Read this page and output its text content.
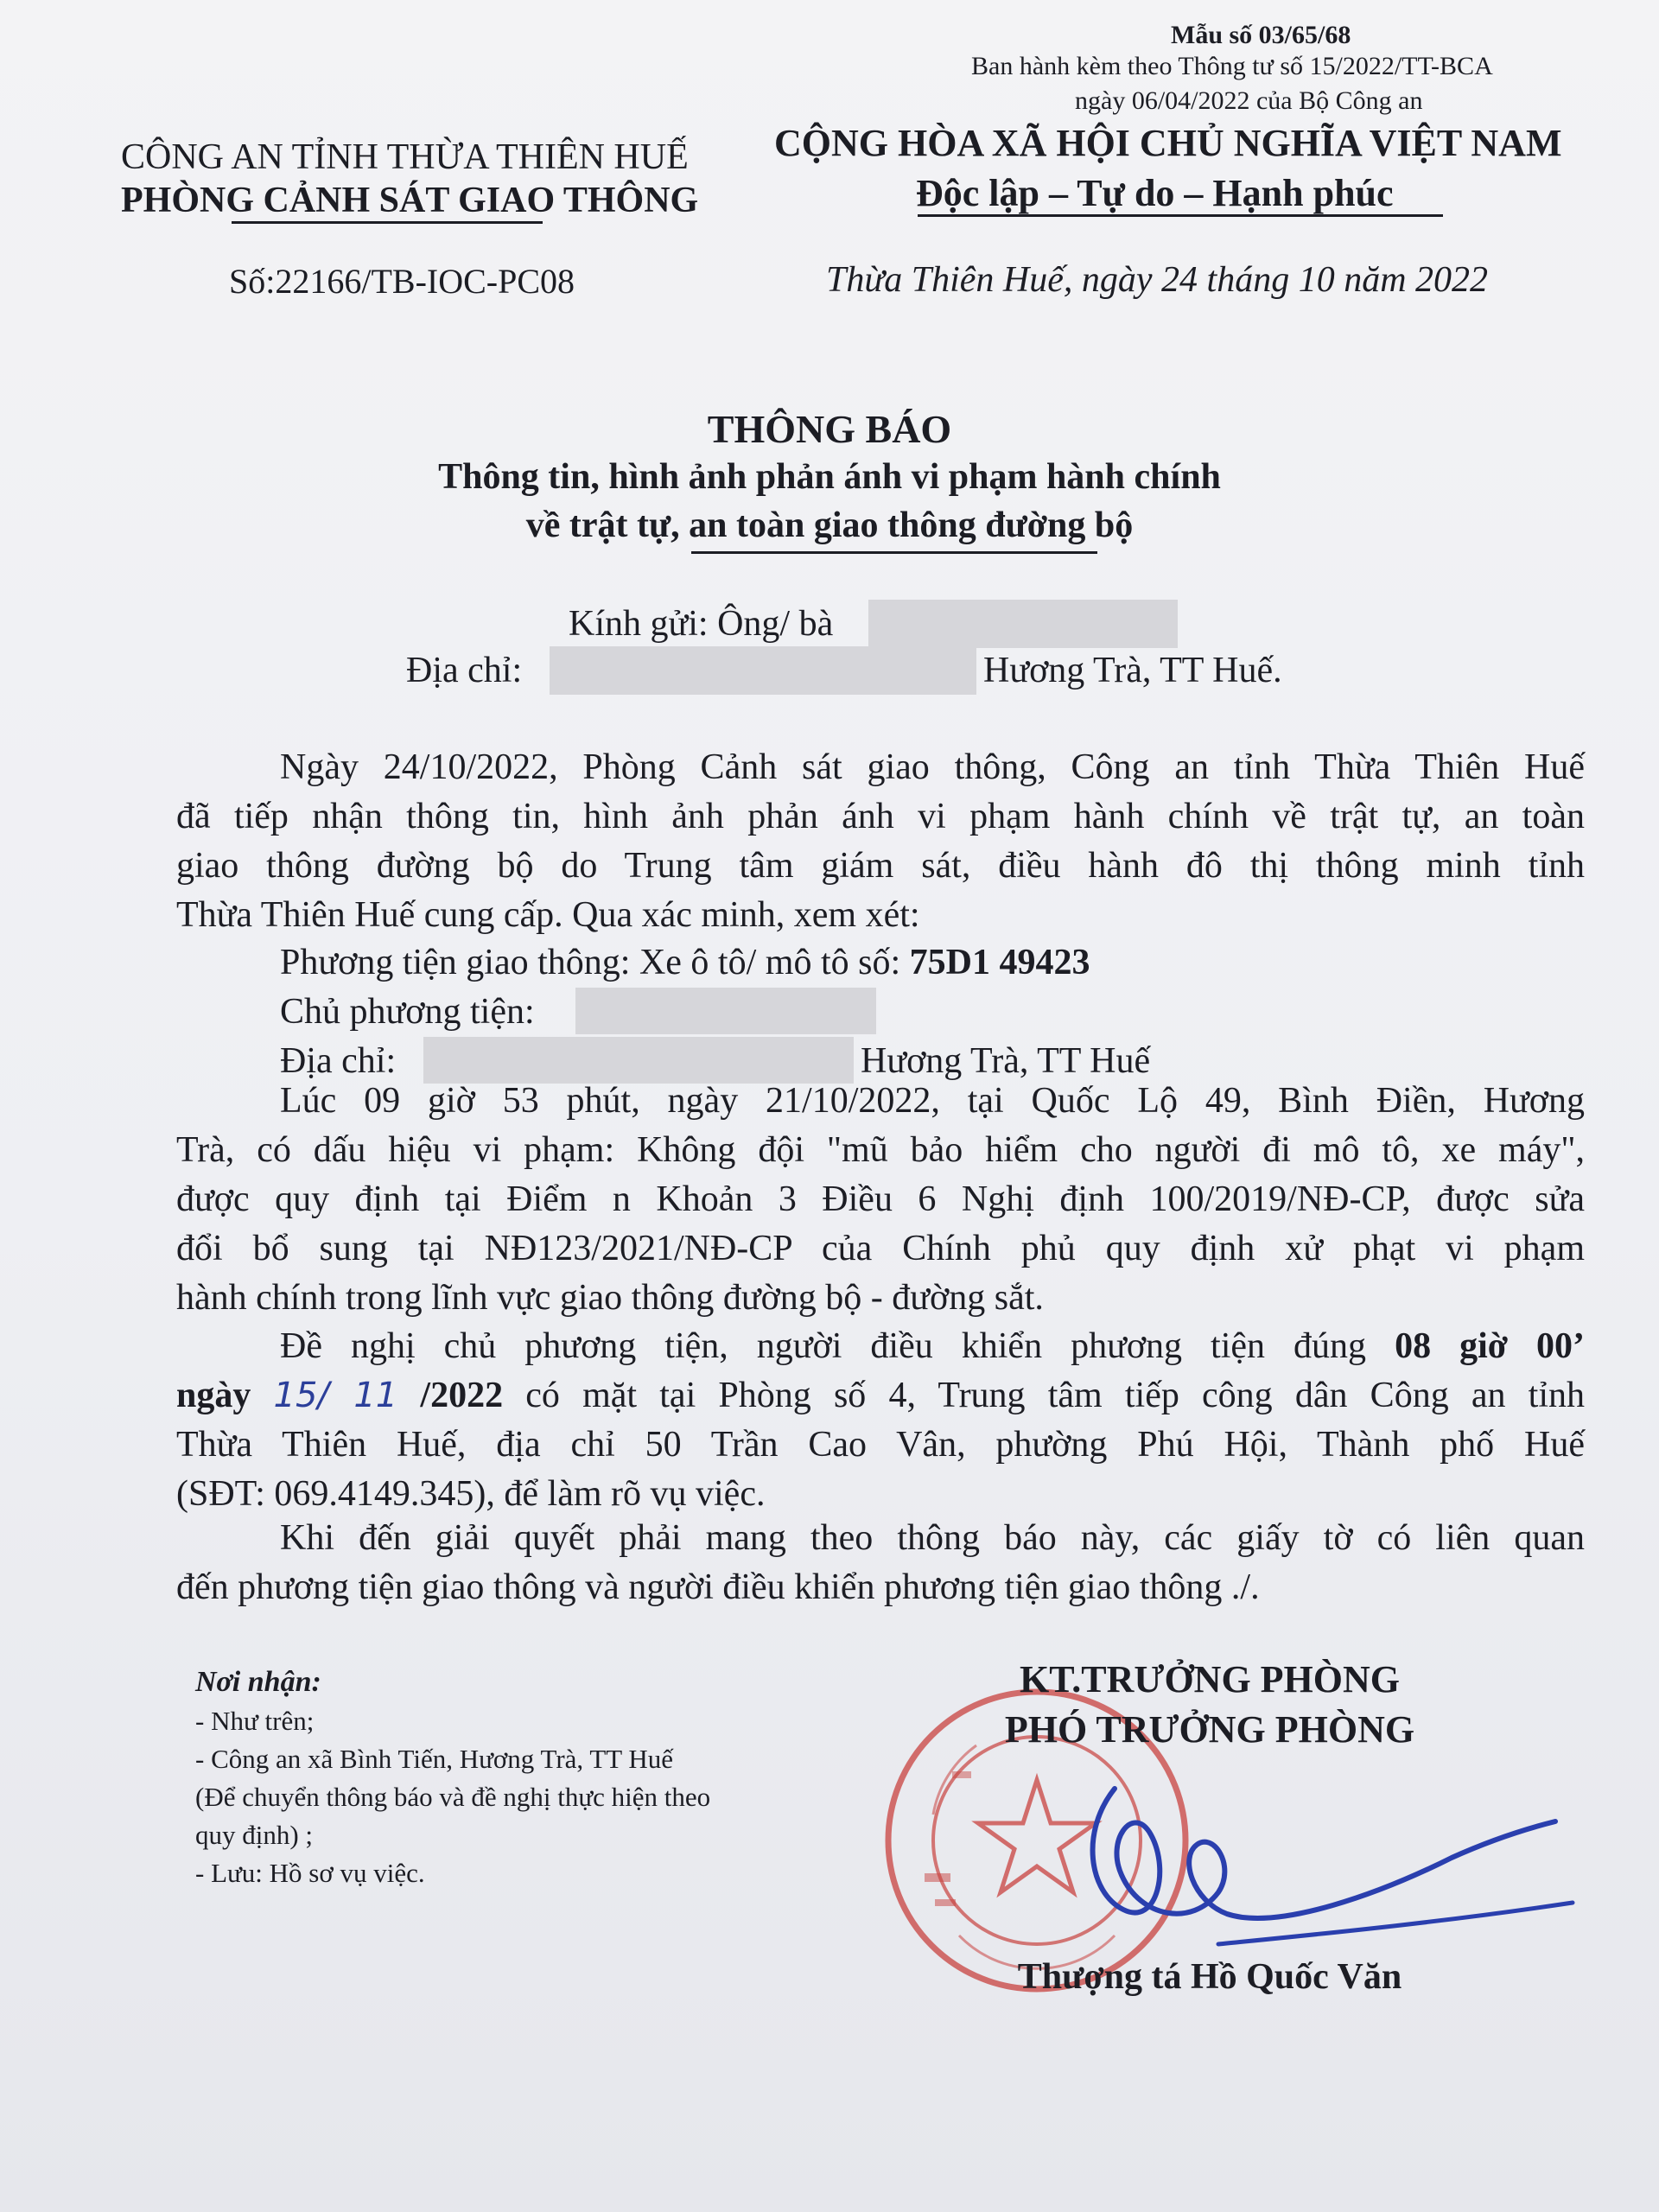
Mẫu số 03/65/68
Ban hành kèm theo Thông tư số 15/2022/TT-BCA
ngày 06/04/2022 của Bộ Công an
CÔNG AN TỈNH THỪA THIÊN HUẾ
PHÒNG CẢNH SÁT GIAO THÔNG
Số:22166/TB-IOC-PC08
CỘNG HÒA XÃ HỘI CHỦ NGHĨA VIỆT NAM
Độc lập – Tự do – Hạnh phúc
Thừa Thiên Huế, ngày 24 tháng 10 năm 2022
THÔNG BÁO
Thông tin, hình ảnh phản ánh vi phạm hành chính
về trật tự, an toàn giao thông đường bộ
Kính gửi: Ông/ bà
Địa chỉ:	Hương Trà, TT Huế.
Ngày 24/10/2022, Phòng Cảnh sát giao thông, Công an tỉnh Thừa Thiên Huế
đã tiếp nhận thông tin, hình ảnh phản ánh vi phạm hành chính về trật tự, an toàn
giao thông đường bộ do Trung tâm giám sát, điều hành đô thị thông minh tỉnh
Thừa Thiên Huế cung cấp. Qua xác minh, xem xét:
Phương tiện giao thông: Xe ô tô/ mô tô số: 75D1 49423
Chủ phương tiện:
Địa chỉ:	Hương Trà, TT Huế
Lúc 09 giờ 53 phút, ngày 21/10/2022, tại Quốc Lộ 49, Bình Điền, Hương
Trà, có dấu hiệu vi phạm: Không đội "mũ bảo hiểm cho người đi mô tô, xe máy",
được quy định tại Điểm n Khoản 3 Điều 6 Nghị định 100/2019/NĐ-CP, được sửa
đổi bổ sung tại NĐ123/2021/NĐ-CP của Chính phủ quy định xử phạt vi phạm
hành chính trong lĩnh vực giao thông đường bộ - đường sắt.
Đề nghị chủ phương tiện, người điều khiển phương tiện đúng 08 giờ 00’
ngày 15/ 11 /2022 có mặt tại Phòng số 4, Trung tâm tiếp công dân Công an tỉnh
Thừa Thiên Huế, địa chỉ 50 Trần Cao Vân, phường Phú Hội, Thành phố Huế
(SĐT: 069.4149.345), để làm rõ vụ việc.
Khi đến giải quyết phải mang theo thông báo này, các giấy tờ có liên quan
đến phương tiện giao thông và người điều khiển phương tiện giao thông ./.
Nơi nhận:
- Như trên;
- Công an xã Bình Tiến, Hương Trà, TT Huế
(Để chuyển thông báo và đề nghị thực hiện theo
quy định) ;
- Lưu: Hồ sơ vụ việc.
KT.TRƯỞNG PHÒNG
PHÓ TRƯỞNG PHÒNG
Thượng tá Hồ Quốc Văn
